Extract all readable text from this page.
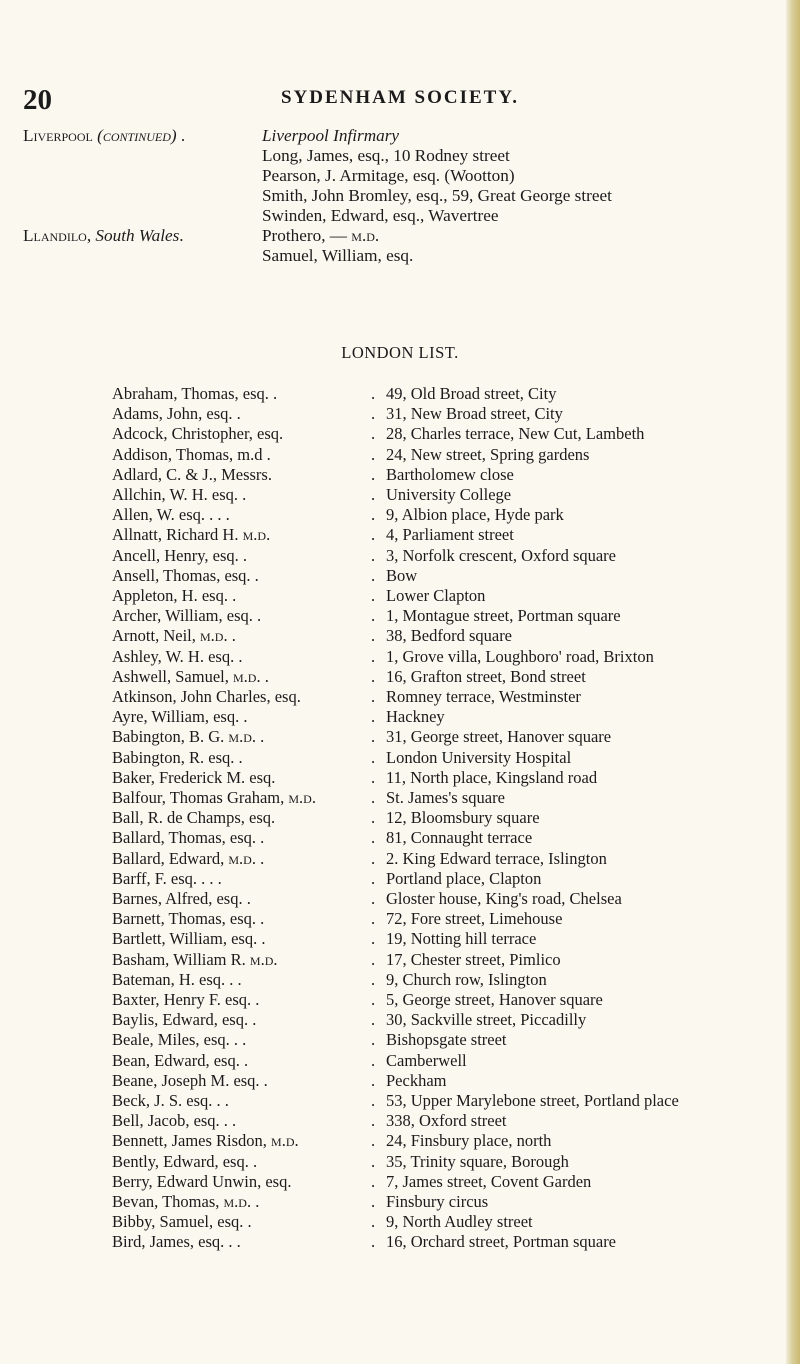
20	SYDENHAM SOCIETY.
Liverpool (continued) .	Liverpool Infirmary
Long, James, esq., 10 Rodney street
Pearson, J. Armitage, esq. (Wootton)
Smith, John Bromley, esq., 59, Great George street
Swinden, Edward, esq., Wavertree
Llandilo, South Wales.	Prothero, — m.d.
Samuel, William, esq.
LONDON LIST.
Abraham, Thomas, esq. .	. 49, Old Broad street, City
Adams, John, esq. .	. 31, New Broad street, City
Adcock, Christopher, esq.	. 28, Charles terrace, New Cut, Lambeth
Addison, Thomas, m.d .	. 24, New street, Spring gardens
Adlard, C. & J., Messrs.	. Bartholomew close
Allchin, W. H. esq. .	. University College
Allen, W. esq. . . .	. 9, Albion place, Hyde park
Allnatt, Richard H. m.d.	. 4, Parliament street
Ancell, Henry, esq. .	. 3, Norfolk crescent, Oxford square
Ansell, Thomas, esq. .	. Bow
Appleton, H. esq. .	. Lower Clapton
Archer, William, esq. .	. 1, Montague street, Portman square
Arnott, Neil, m.d. .	. 38, Bedford square
Ashley, W. H. esq. .	. 1, Grove villa, Loughboro' road, Brixton
Ashwell, Samuel, m.d. .	. 16, Grafton street, Bond street
Atkinson, John Charles, esq.	. Romney terrace, Westminster
Ayre, William, esq. .	. Hackney
Babington, B. G. m.d. .	. 31, George street, Hanover square
Babington, R. esq. .	. London University Hospital
Baker, Frederick M. esq.	. 11, North place, Kingsland road
Balfour, Thomas Graham, m.d.	. St. James's square
Ball, R. de Champs, esq.	. 12, Bloomsbury square
Ballard, Thomas, esq. .	. 81, Connaught terrace
Ballard, Edward, m.d. .	. 2. King Edward terrace, Islington
Barff, F. esq. . . .	. Portland place, Clapton
Barnes, Alfred, esq. .	. Gloster house, King's road, Chelsea
Barnett, Thomas, esq. .	. 72, Fore street, Limehouse
Bartlett, William, esq. .	. 19, Notting hill terrace
Basham, William R. m.d.	. 17, Chester street, Pimlico
Bateman, H. esq. . .	. 9, Church row, Islington
Baxter, Henry F. esq. .	. 5, George street, Hanover square
Baylis, Edward, esq. .	. 30, Sackville street, Piccadilly
Beale, Miles, esq. . .	. Bishopsgate street
Bean, Edward, esq. .	. Camberwell
Beane, Joseph M. esq. .	. Peckham
Beck, J. S. esq. . .	. 53, Upper Marylebone street, Portland place
Bell, Jacob, esq. . .	. 338, Oxford street
Bennett, James Risdon, m.d.	. 24, Finsbury place, north
Bently, Edward, esq. .	. 35, Trinity square, Borough
Berry, Edward Unwin, esq.	. 7, James street, Covent Garden
Bevan, Thomas, m.d. .	. Finsbury circus
Bibby, Samuel, esq. .	. 9, North Audley street
Bird, James, esq. . .	. 16, Orchard street, Portman square
